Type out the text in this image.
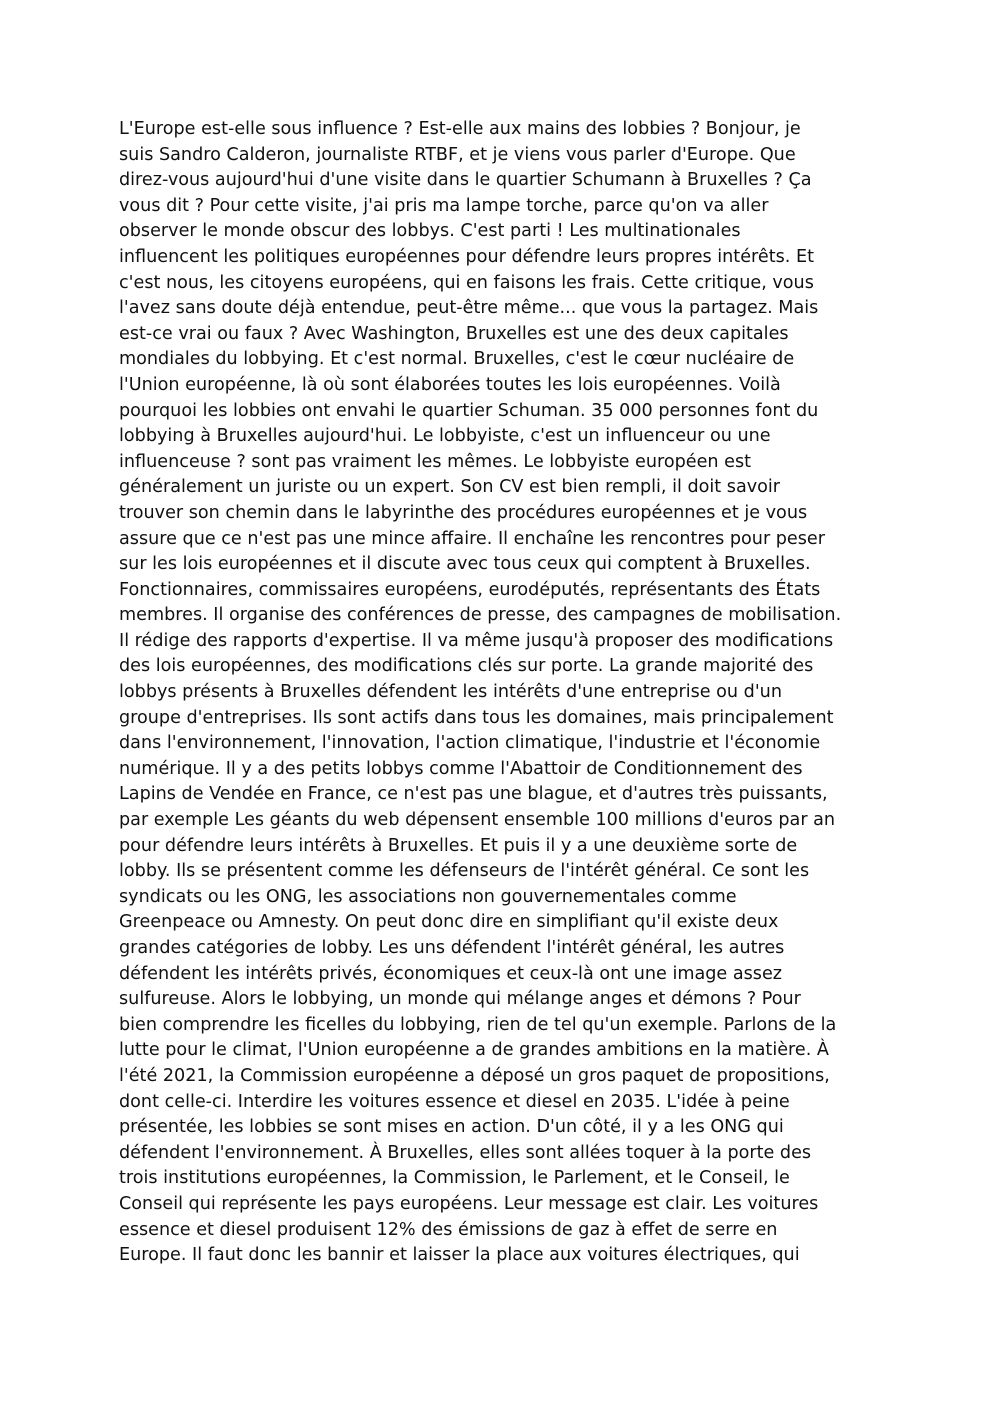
L'Europe est-elle sous influence ? Est-elle aux mains des lobbies ? Bonjour, je
suis Sandro Calderon, journaliste RTBF, et je viens vous parler d'Europe. Que
direz-vous aujourd'hui d'une visite dans le quartier Schumann à Bruxelles ? Ça
vous dit ? Pour cette visite, j'ai pris ma lampe torche, parce qu'on va aller
observer le monde obscur des lobbys. C'est parti ! Les multinationales
influencent les politiques européennes pour défendre leurs propres intérêts. Et
c'est nous, les citoyens européens, qui en faisons les frais. Cette critique, vous
l'avez sans doute déjà entendue, peut-être même... que vous la partagez. Mais
est-ce vrai ou faux ? Avec Washington, Bruxelles est une des deux capitales
mondiales du lobbying. Et c'est normal. Bruxelles, c'est le cœur nucléaire de
l'Union européenne, là où sont élaborées toutes les lois européennes. Voilà
pourquoi les lobbies ont envahi le quartier Schuman. 35 000 personnes font du
lobbying à Bruxelles aujourd'hui. Le lobbyiste, c'est un influenceur ou une
influenceuse ? sont pas vraiment les mêmes. Le lobbyiste européen est
généralement un juriste ou un expert. Son CV est bien rempli, il doit savoir
trouver son chemin dans le labyrinthe des procédures européennes et je vous
assure que ce n'est pas une mince affaire. Il enchaîne les rencontres pour peser
sur les lois européennes et il discute avec tous ceux qui comptent à Bruxelles.
Fonctionnaires, commissaires européens, eurodéputés, représentants des États
membres. Il organise des conférences de presse, des campagnes de mobilisation.
Il rédige des rapports d'expertise. Il va même jusqu'à proposer des modifications
des lois européennes, des modifications clés sur porte. La grande majorité des
lobbys présents à Bruxelles défendent les intérêts d'une entreprise ou d'un
groupe d'entreprises. Ils sont actifs dans tous les domaines, mais principalement
dans l'environnement, l'innovation, l'action climatique, l'industrie et l'économie
numérique. Il y a des petits lobbys comme l'Abattoir de Conditionnement des
Lapins de Vendée en France, ce n'est pas une blague, et d'autres très puissants,
par exemple Les géants du web dépensent ensemble 100 millions d'euros par an
pour défendre leurs intérêts à Bruxelles. Et puis il y a une deuxième sorte de
lobby. Ils se présentent comme les défenseurs de l'intérêt général. Ce sont les
syndicats ou les ONG, les associations non gouvernementales comme
Greenpeace ou Amnesty. On peut donc dire en simplifiant qu'il existe deux
grandes catégories de lobby. Les uns défendent l'intérêt général, les autres
défendent les intérêts privés, économiques et ceux-là ont une image assez
sulfureuse. Alors le lobbying, un monde qui mélange anges et démons ? Pour
bien comprendre les ficelles du lobbying, rien de tel qu'un exemple. Parlons de la
lutte pour le climat, l'Union européenne a de grandes ambitions en la matière. À
l'été 2021, la Commission européenne a déposé un gros paquet de propositions,
dont celle-ci. Interdire les voitures essence et diesel en 2035. L'idée à peine
présentée, les lobbies se sont mises en action. D'un côté, il y a les ONG qui
défendent l'environnement. À Bruxelles, elles sont allées toquer à la porte des
trois institutions européennes, la Commission, le Parlement, et le Conseil, le
Conseil qui représente les pays européens. Leur message est clair. Les voitures
essence et diesel produisent 12% des émissions de gaz à effet de serre en
Europe. Il faut donc les bannir et laisser la place aux voitures électriques, qui
